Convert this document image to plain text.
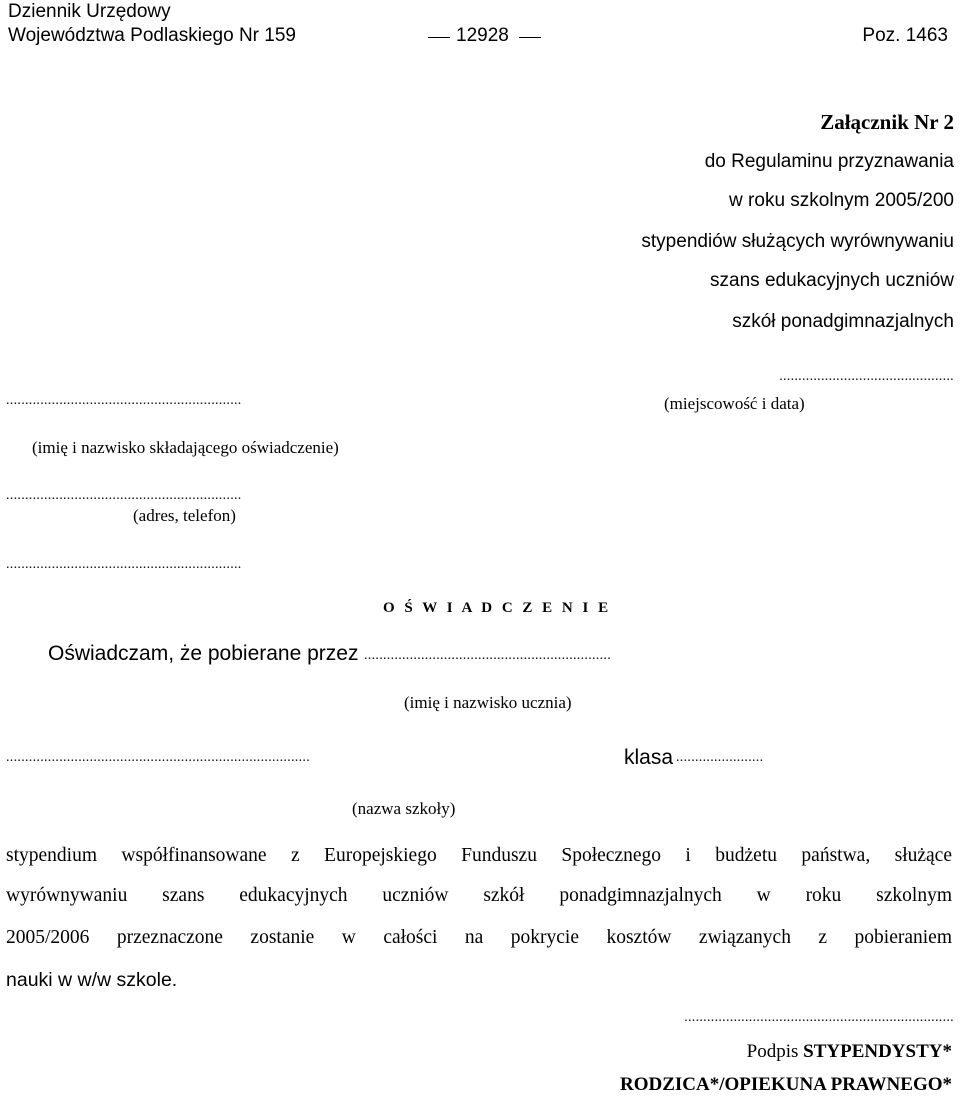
Dziennik Urzędowy
Województwa Podlaskiego Nr 159	12928	Poz. 1463
Załącznik Nr 2
do Regulaminu przyznawania
w roku szkolnym 2005/200
stypendiów służących wyrównywaniu
szans edukacyjnych uczniów
szkół ponadgimnazjalnych
..............................................
(miejscowość i data)
..............................................................
(imię i nazwisko składającego oświadczenie)
..............................................................
(adres, telefon)
..............................................................
O Ś W I A D C Z E N I E
Oświadczam, że pobierane przez .................................................................
(imię i nazwisko ucznia)
................................................................................	klasa .......................
(nazwa szkoły)
stypendium współfinansowane z Europejskiego Funduszu Społecznego i budżetu państwa, służące
wyrównywaniu szans edukacyjnych uczniów szkół ponadgimnazjalnych w roku szkolnym
2005/2006 przeznaczone zostanie w całości na pokrycie kosztów związanych z pobieraniem
nauki w w/w szkole.
.......................................................................
Podpis STYPENDYSTY*
RODZICA*/OPIEKUNA PRAWNEGO*
